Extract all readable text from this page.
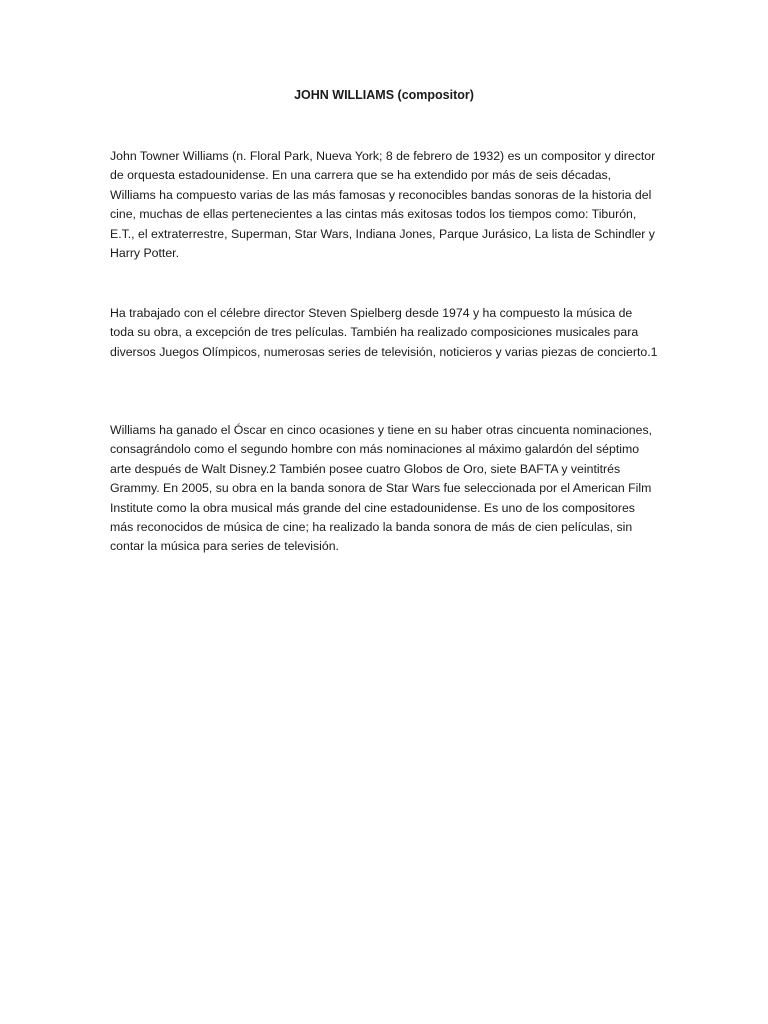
JOHN WILLIAMS (compositor)

John Towner Williams (n. Floral Park, Nueva York; 8 de febrero de 1932) es un compositor y director de orquesta estadounidense. En una carrera que se ha extendido por más de seis décadas, Williams ha compuesto varias de las más famosas y reconocibles bandas sonoras de la historia del cine, muchas de ellas pertenecientes a las cintas más exitosas todos los tiempos como: Tiburón, E.T., el extraterrestre, Superman, Star Wars, Indiana Jones, Parque Jurásico, La lista de Schindler y Harry Potter.

Ha trabajado con el célebre director Steven Spielberg desde 1974 y ha compuesto la música de toda su obra, a excepción de tres películas. También ha realizado composiciones musicales para diversos Juegos Olímpicos, numerosas series de televisión, noticieros y varias piezas de concierto.1

Williams ha ganado el Óscar en cinco ocasiones y tiene en su haber otras cincuenta nominaciones, consagrándolo como el segundo hombre con más nominaciones al máximo galardón del séptimo arte después de Walt Disney.2 También posee cuatro Globos de Oro, siete BAFTA y veintitrés Grammy. En 2005, su obra en la banda sonora de Star Wars fue seleccionada por el American Film Institute como la obra musical más grande del cine estadounidense. Es uno de los compositores más reconocidos de música de cine; ha realizado la banda sonora de más de cien películas, sin contar la música para series de televisión.
